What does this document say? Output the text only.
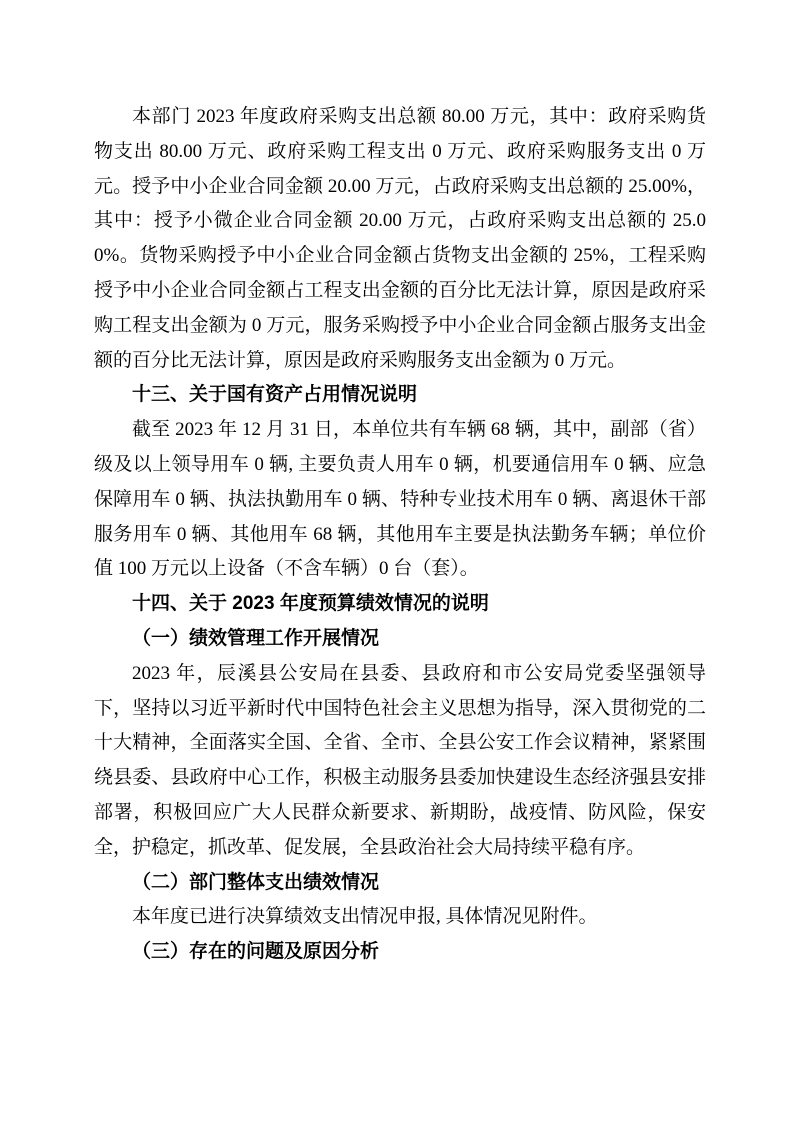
本部门 2023 年度政府采购支出总额 80.00 万元，其中：政府采购货物支出 80.00 万元、政府采购工程支出 0 万元、政府采购服务支出 0 万元。授予中小企业合同金额 20.00 万元，占政府采购支出总额的 25.00%，其中：授予小微企业合同金额 20.00 万元，占政府采购支出总额的 25.00%。货物采购授予中小企业合同金额占货物支出金额的 25%，工程采购授予中小企业合同金额占工程支出金额的百分比无法计算，原因是政府采购工程支出金额为 0 万元，服务采购授予中小企业合同金额占服务支出金额的百分比无法计算，原因是政府采购服务支出金额为 0 万元。

十三、关于国有资产占用情况说明

截至 2023 年 12 月 31 日，本单位共有车辆 68 辆，其中，副部（省）级及以上领导用车 0 辆, 主要负责人用车 0 辆，机要通信用车 0 辆、应急保障用车 0 辆、执法执勤用车 0 辆、特种专业技术用车 0 辆、离退休干部服务用车 0 辆、其他用车 68 辆，其他用车主要是执法勤务车辆；单位价值 100 万元以上设备（不含车辆）0 台（套）。

十四、关于 2023 年度预算绩效情况的说明
（一）绩效管理工作开展情况

2023 年，辰溪县公安局在县委、县政府和市公安局党委坚强领导下，坚持以习近平新时代中国特色社会主义思想为指导，深入贯彻党的二十大精神，全面落实全国、全省、全市、全县公安工作会议精神，紧紧围绕县委、县政府中心工作，积极主动服务县委加快建设生态经济强县安排部署，积极回应广大人民群众新要求、新期盼，战疫情、防风险，保安全，护稳定，抓改革、促发展，全县政治社会大局持续平稳有序。

（二）部门整体支出绩效情况

本年度已进行决算绩效支出情况申报, 具体情况见附件。

（三）存在的问题及原因分析
